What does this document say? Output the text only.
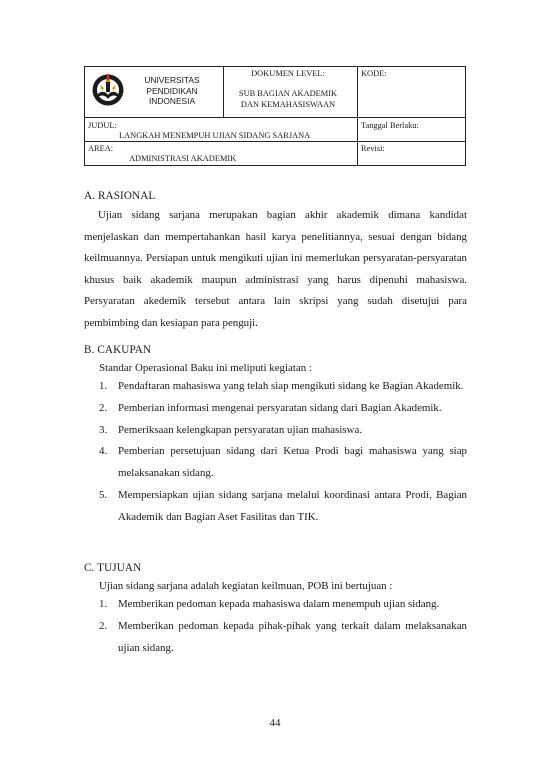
UNIVERSITAS
PENDIDIKAN
INDONESIA
DOKUMEN LEVEL:
SUB BAGIAN AKADEMIK
DAN KEMAHASISWAAN
KODE:
JUDUL:
LANGKAH MENEMPUH UJIAN SIDANG SARJANA
Tanggal Berlaku:
AREA:
ADMINISTRASI AKADEMIK
Revisi:
A. RASIONAL
Ujian sidang sarjana merupakan bagian akhir akademik dimana kandidat menjelaskan dan mempertahankan hasil karya penelitiannya, sesuai dengan bidang keilmuannya. Persiapan untuk mengikuti ujian ini memerlukan persyaratan-persyaratan khusus baik akademik maupun administrasi yang harus dipenuhi mahasiswa. Persyaratan akedemik tersebut antara lain skripsi yang sudah disetujui para pembimbing dan kesiapan para penguji.
B. CAKUPAN
Standar Operasional Baku ini meliputi kegiatan :
1. Pendaftaran mahasiswa yang telah siap mengikuti sidang ke Bagian Akademik.
2. Pemberian informasi mengenai persyaratan sidang dari Bagian Akademik.
3. Pemeriksaan kelengkapan persyaratan ujian mahasiswa.
4. Pemberian persetujuan sidang dari Ketua Prodi bagi mahasiswa yang siap melaksanakan sidang.
5. Mempersiapkan ujian sidang sarjana melalui koordinasi antara Prodi, Bagian Akademik dan Bagian Aset Fasilitas dan TIK.
C. TUJUAN
Ujian sidang sarjana adalah kegiatan keilmuan, POB ini bertujuan :
1. Memberikan pedoman kepada mahasiswa dalam menempuh ujian sidang.
2. Memberikan pedoman kepada pihak-pihak yang terkait dalam melaksanakan ujian sidang.
44
